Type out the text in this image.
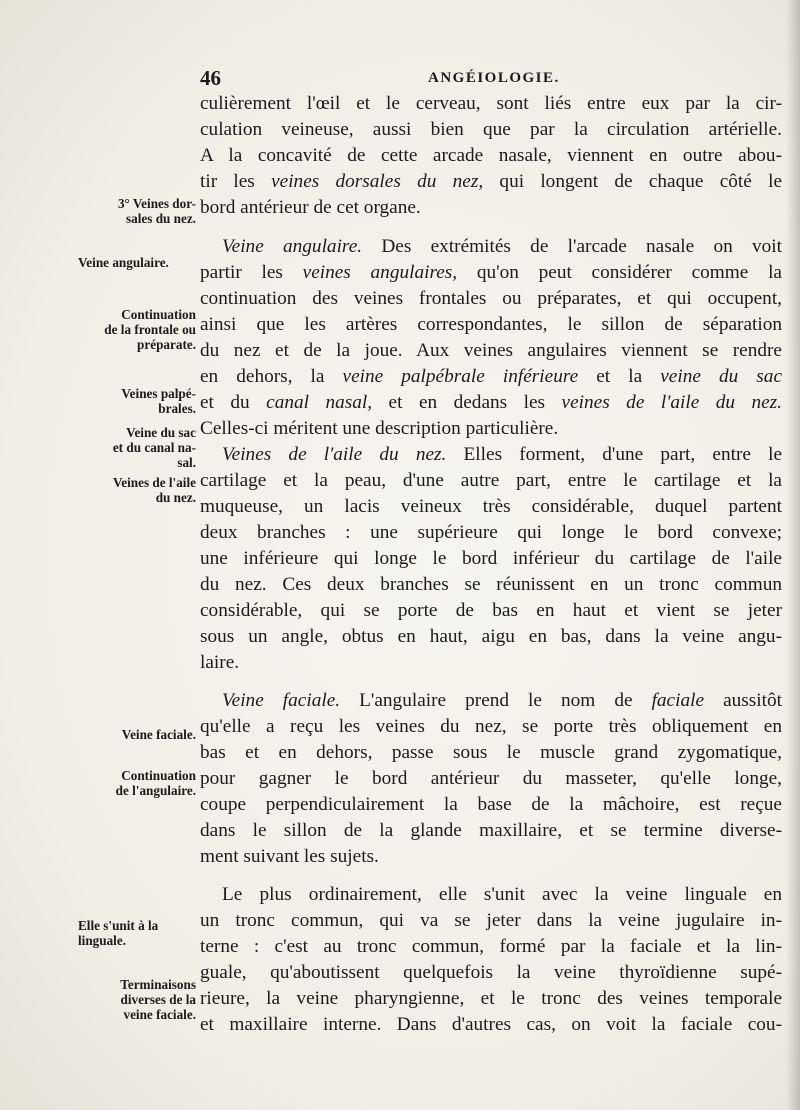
46	ANGÉIOLOGIE.
3° Veines dor-
sales du nez.
Veine angulaire.
Continuation
de la frontale ou
préparate.
Veines palpé-
brales.
Veine du sac
et du canal na-
sal.
Veines de l'aile
du nez.
Veine faciale.
Continuation
de l'angulaire.
Elle s'unit à la
linguale.
Terminaisons
diverses de la
veine faciale.
culièrement l'œil et le cerveau, sont liés entre eux par la cir-
culation veineuse, aussi bien que par la circulation artérielle.
A la concavité de cette arcade nasale, viennent en outre abou-
tir les veines dorsales du nez, qui longent de chaque côté le
bord antérieur de cet organe.
Veine angulaire. Des extrémités de l'arcade nasale on voit
partir les veines angulaires, qu'on peut considérer comme la
continuation des veines frontales ou préparates, et qui occupent,
ainsi que les artères correspondantes, le sillon de séparation
du nez et de la joue. Aux veines angulaires viennent se rendre
en dehors, la veine palpébrale inférieure et la veine du sac
et du canal nasal, et en dedans les veines de l'aile du nez.
Celles-ci méritent une description particulière.
Veines de l'aile du nez. Elles forment, d'une part, entre le
cartilage et la peau, d'une autre part, entre le cartilage et la
muqueuse, un lacis veineux très considérable, duquel partent
deux branches : une supérieure qui longe le bord convexe;
une inférieure qui longe le bord inférieur du cartilage de l'aile
du nez. Ces deux branches se réunissent en un tronc commun
considérable, qui se porte de bas en haut et vient se jeter
sous un angle, obtus en haut, aigu en bas, dans la veine angu-
laire.
Veine faciale. L'angulaire prend le nom de faciale aussitôt
qu'elle a reçu les veines du nez, se porte très obliquement en
bas et en dehors, passe sous le muscle grand zygomatique,
pour gagner le bord antérieur du masseter, qu'elle longe,
coupe perpendiculairement la base de la mâchoire, est reçue
dans le sillon de la glande maxillaire, et se termine diverse-
ment suivant les sujets.
Le plus ordinairement, elle s'unit avec la veine linguale en
un tronc commun, qui va se jeter dans la veine jugulaire in-
terne : c'est au tronc commun, formé par la faciale et la lin-
guale, qu'aboutissent quelquefois la veine thyroïdienne supé-
rieure, la veine pharyngienne, et le tronc des veines temporale
et maxillaire interne. Dans d'autres cas, on voit la faciale cou-
